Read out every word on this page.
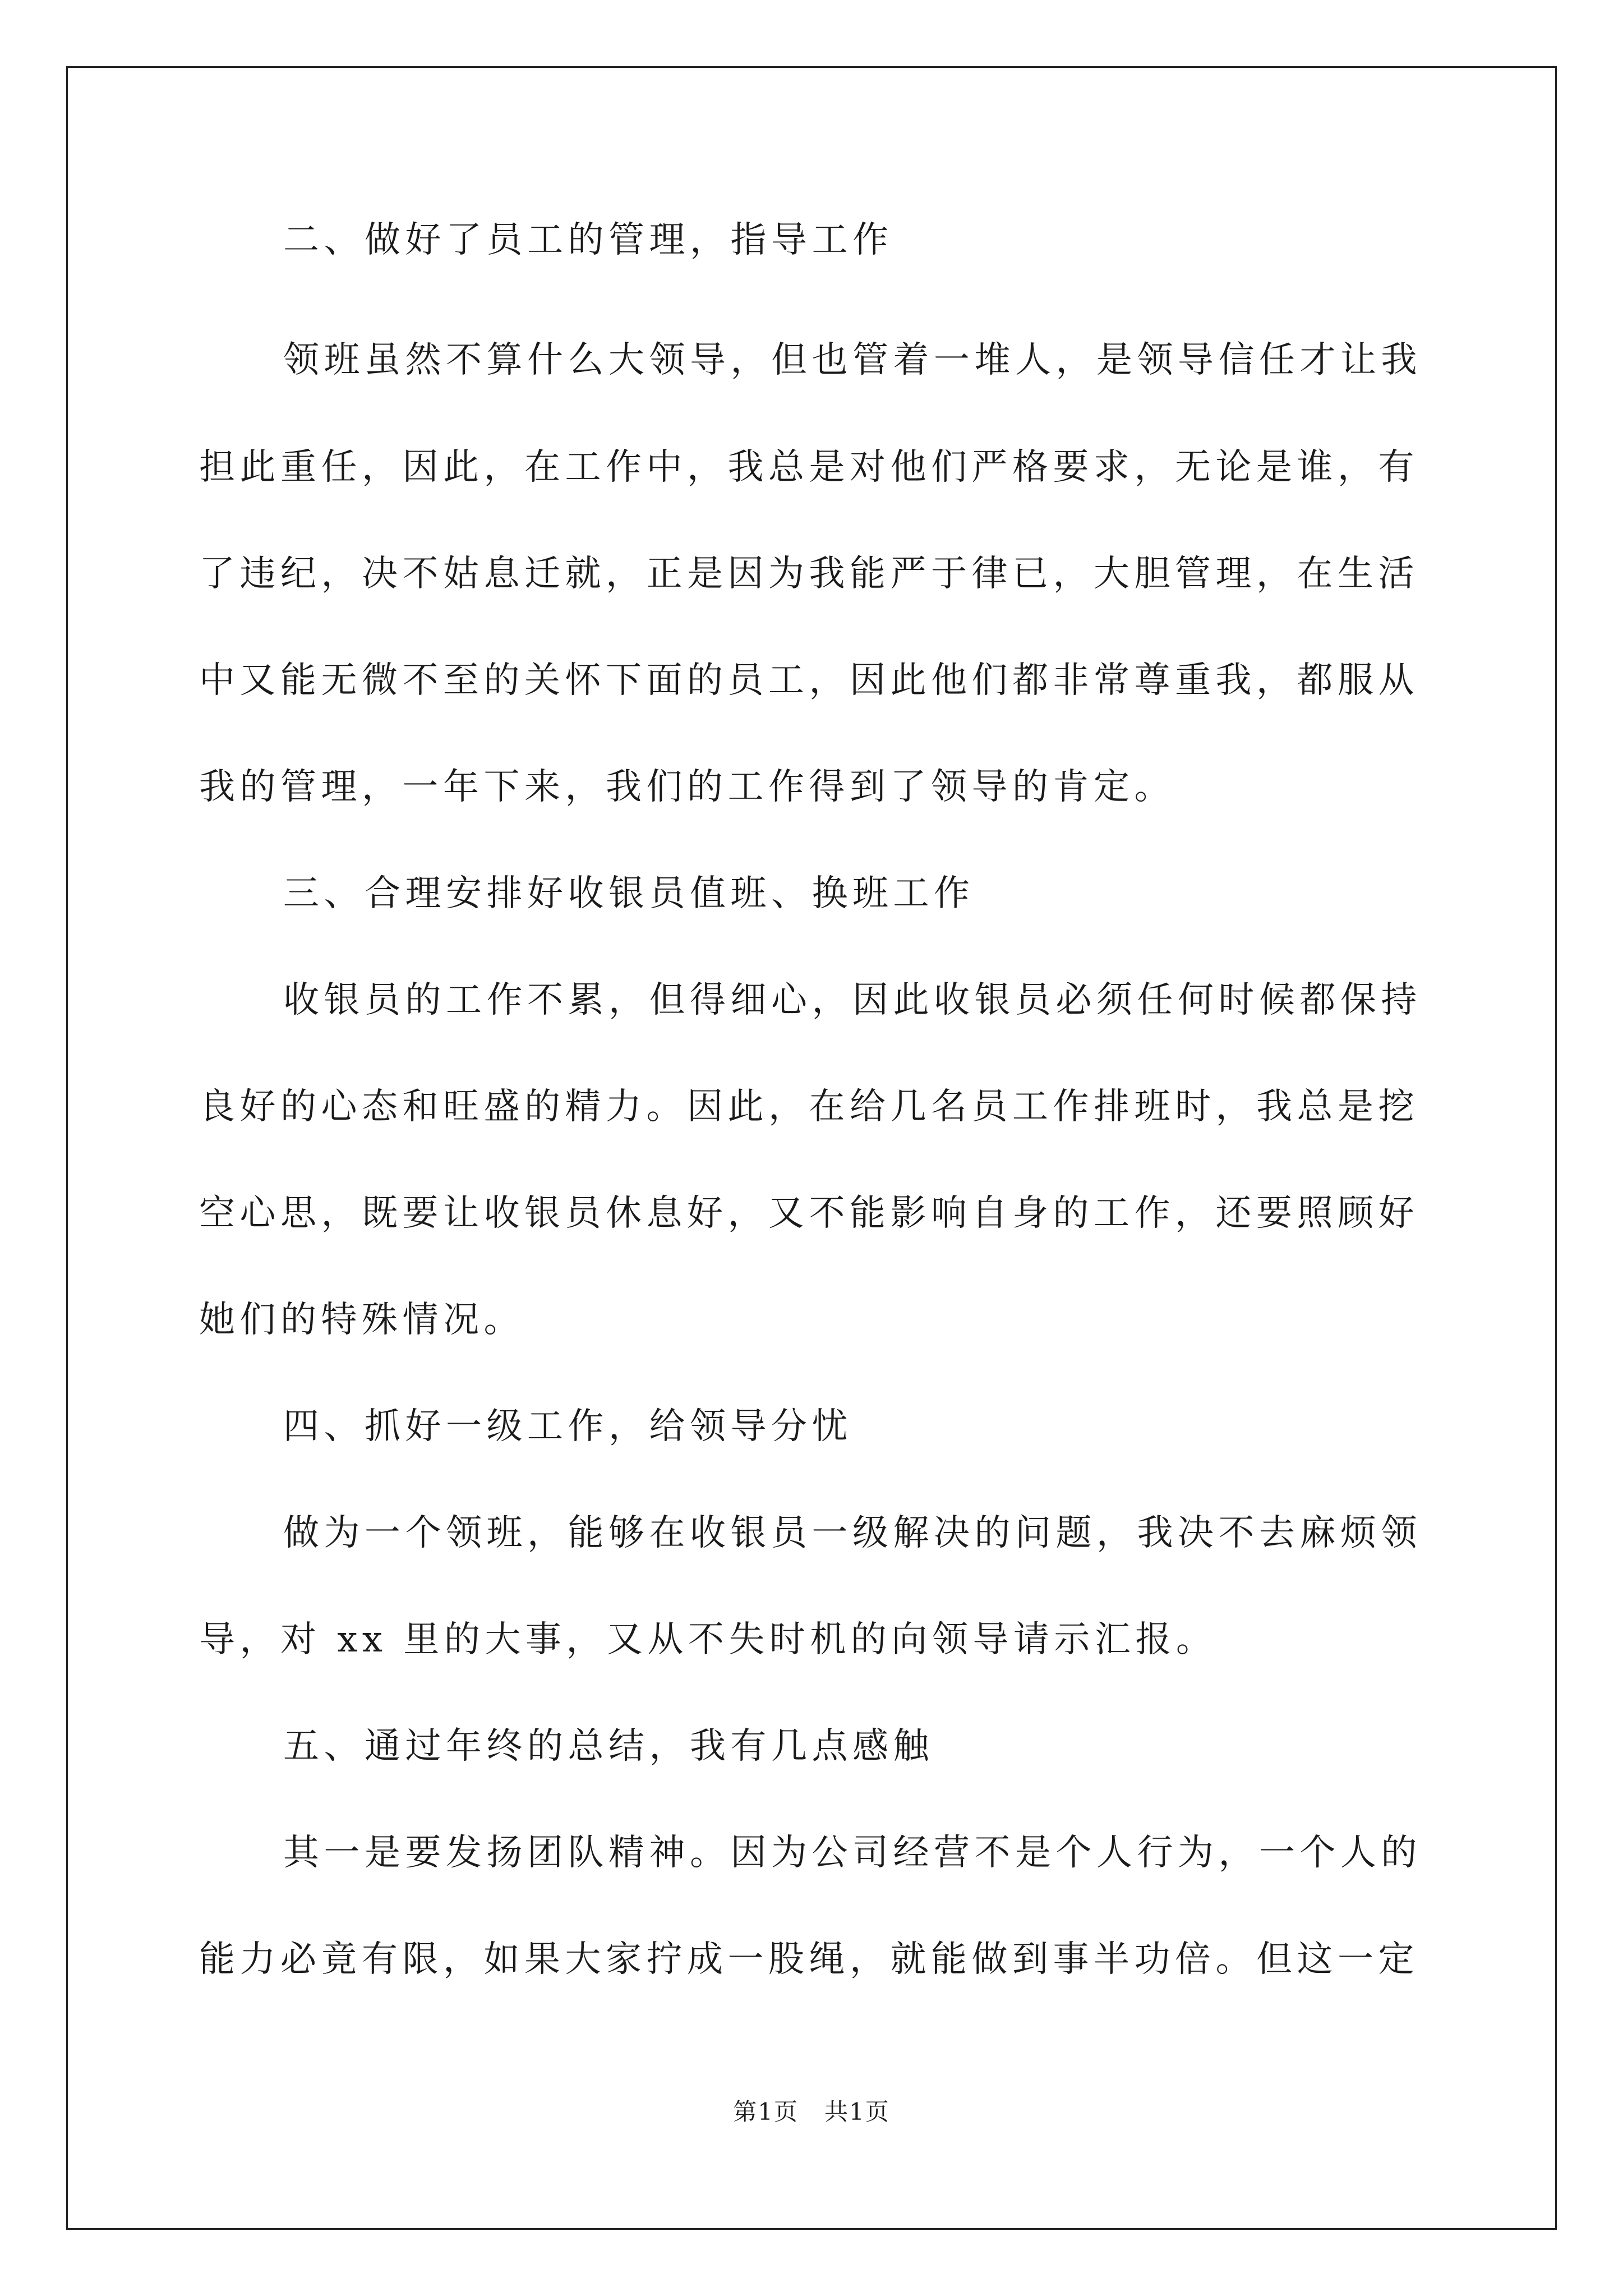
二、做好了员工的管理，指导工作
领班虽然不算什么大领导，但也管着一堆人，是领导信任才让我
担此重任，因此，在工作中，我总是对他们严格要求，无论是谁，有
了违纪，决不姑息迁就，正是因为我能严于律已，大胆管理，在生活
中又能无微不至的关怀下面的员工，因此他们都非常尊重我，都服从
我的管理，一年下来，我们的工作得到了领导的肯定。
三、合理安排好收银员值班、换班工作
收银员的工作不累，但得细心，因此收银员必须任何时候都保持
良好的心态和旺盛的精力。因此，在给几名员工作排班时，我总是挖
空心思，既要让收银员休息好，又不能影响自身的工作，还要照顾好
她们的特殊情况。
四、抓好一级工作，给领导分忧
做为一个领班，能够在收银员一级解决的问题，我决不去麻烦领
导，对 xx 里的大事，又从不失时机的向领导请示汇报。
五、通过年终的总结，我有几点感触
其一是要发扬团队精神。因为公司经营不是个人行为，一个人的
能力必竟有限，如果大家拧成一股绳，就能做到事半功倍。但这一定
第1页   共1页
